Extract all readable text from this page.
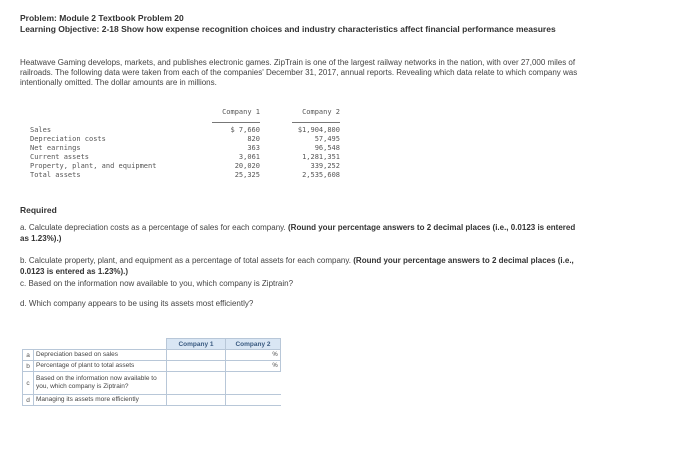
Problem: Module 2 Textbook Problem 20
Learning Objective: 2-18 Show how expense recognition choices and industry characteristics affect financial performance measures
Heatwave Gaming develops, markets, and publishes electronic games. ZipTrain is one of the largest railway networks in the nation, with over 27,000 miles of railroads. The following data were taken from each of the companies' December 31, 2017, annual reports. Revealing which data relate to which company was intentionally omitted. The dollar amounts are in millions.
	Company 1	Company 2

Sales	$ 7,660	$1,904,800
Depreciation costs	820	57,495
Net earnings	363	96,548
Current assets	3,061	1,281,351
Property, plant, and equipment	20,020	339,252
Total assets	25,325	2,535,608
Required
a. Calculate depreciation costs as a percentage of sales for each company. (Round your percentage answers to 2 decimal places (i.e., 0.0123 is entered as 1.23%).)
b. Calculate property, plant, and equipment as a percentage of total assets for each company. (Round your percentage answers to 2 decimal places (i.e., 0.0123 is entered as 1.23%).)
c. Based on the information now available to you, which company is Ziptrain?
d. Which company appears to be using its assets most efficiently?
		Company 1	Company 2	
a	Depreciation based on sales			%
b	Percentage of plant to total assets			%
c	Based on the information now available to you, which company is Ziptrain?	

d	Managing its assets more efficiently	
